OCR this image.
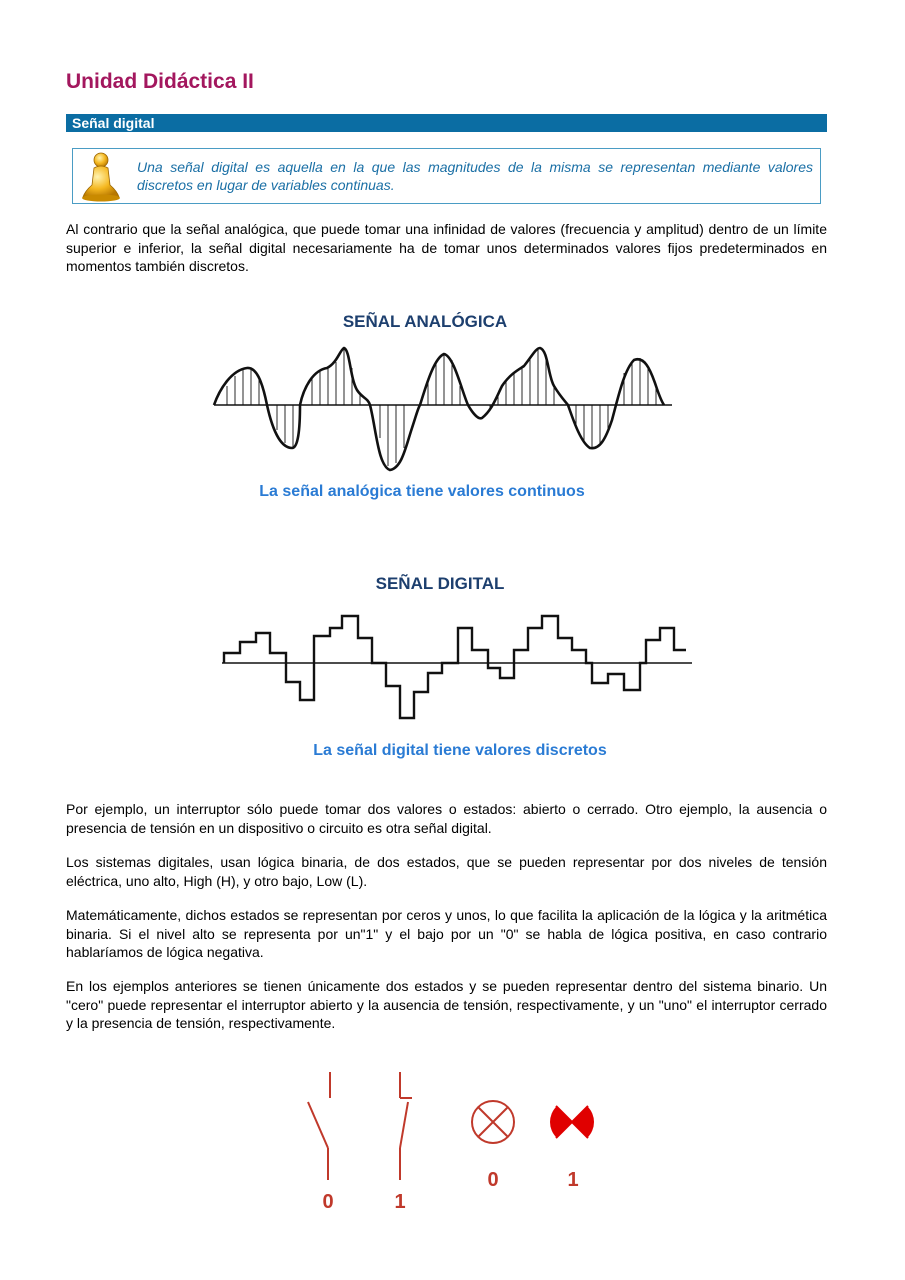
Unidad Didáctica II
Señal digital

Una señal digital es aquella en la que las magnitudes de la misma se representan mediante valores discretos en lugar de variables continuas.

Al contrario que la señal analógica, que puede tomar una infinidad de valores (frecuencia y amplitud) dentro de un límite superior e inferior, la señal digital necesariamente ha de tomar unos determinados valores fijos predeterminados en momentos también discretos.

SEÑAL ANALÓGICA
La señal analógica tiene valores continuos
SEÑAL DIGITAL
La señal digital tiene valores discretos

Por ejemplo, un interruptor sólo puede tomar dos valores o estados: abierto o cerrado. Otro ejemplo, la ausencia o presencia de tensión en un dispositivo o circuito es otra señal digital.

Los sistemas digitales, usan lógica binaria, de dos estados, que se pueden representar por dos niveles de tensión eléctrica, uno alto, High (H), y otro bajo, Low (L).

Matemáticamente, dichos estados se representan por ceros y unos, lo que facilita la aplicación de la lógica y la aritmética binaria. Si el nivel alto se representa por un"1" y el bajo por un "0" se habla de lógica positiva, en caso contrario hablaríamos de lógica negativa.

En los ejemplos anteriores se tienen únicamente dos estados y se pueden representar dentro del sistema binario. Un "cero" puede representar el interruptor abierto y la ausencia de tensión, respectivamente, y un "uno" el interruptor cerrado y la presencia de tensión, respectivamente.

0	1
0	1
